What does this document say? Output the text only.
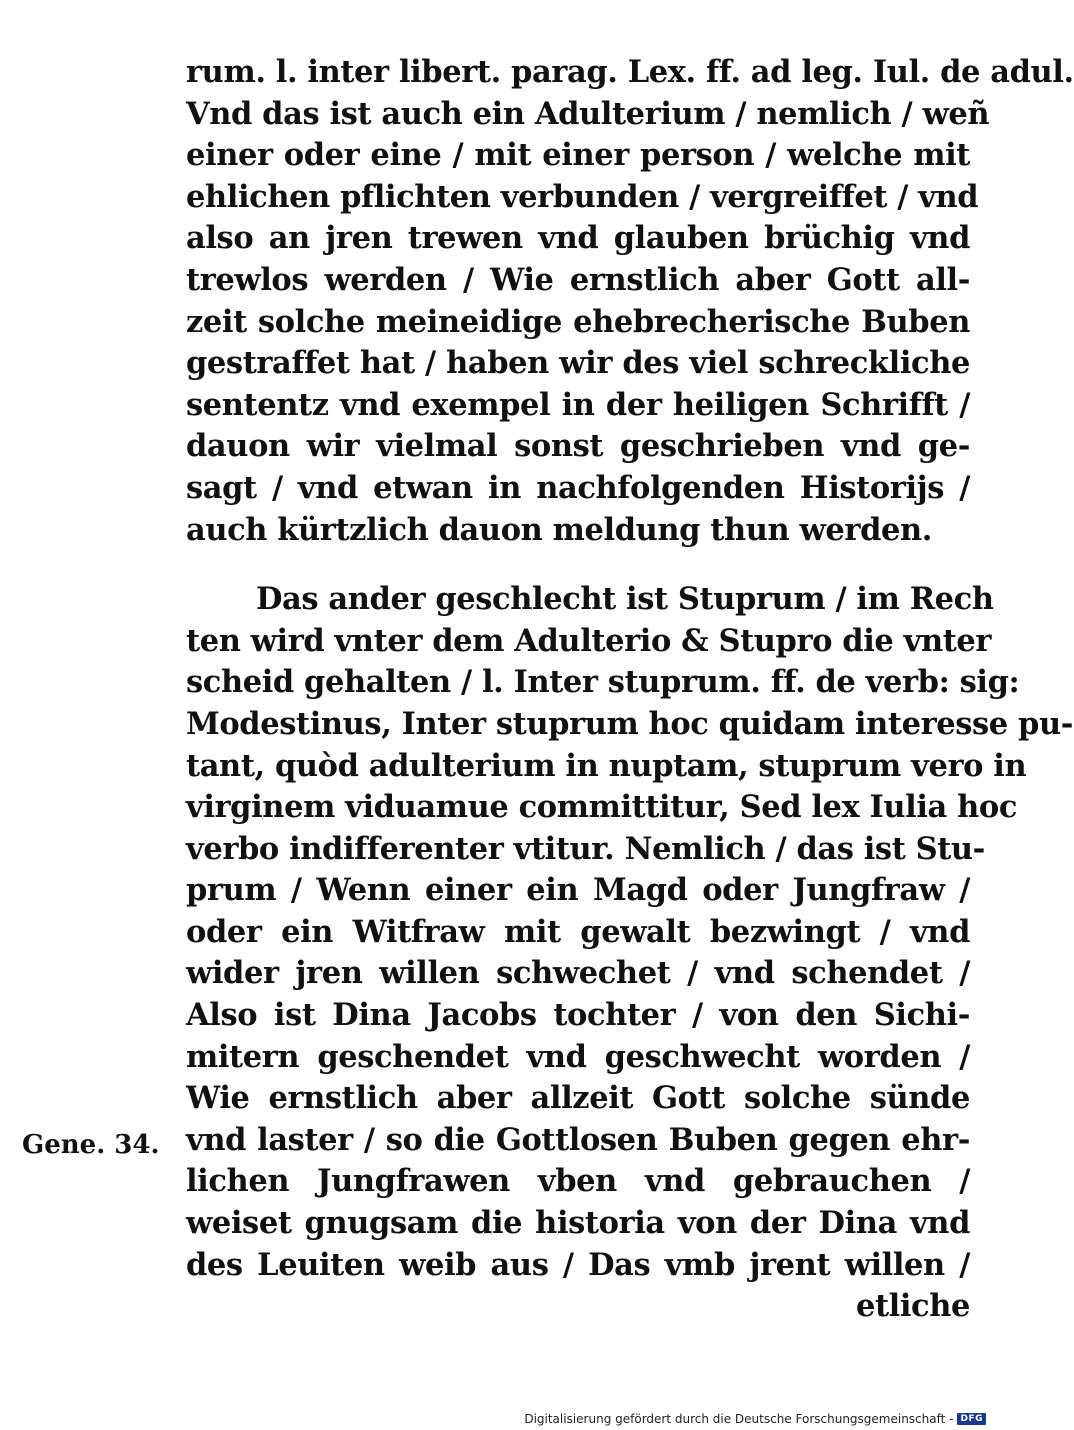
rum. l. inter libert. parag. Lex. ff. ad leg. Iul. de adul.
Vnd das ist auch ein Adulterium / nemlich / weñ
einer oder eine / mit einer person / welche mit
ehlichen pflichten verbunden / vergreiffet / vnd
also an jren trewen vnd glauben brüchig vnd
trewlos werden / Wie ernstlich aber Gott all-
zeit solche meineidige ehebrecherische Buben
gestraffet hat / haben wir des viel schreckliche
sententz vnd exempel in der heiligen Schrifft /
dauon wir vielmal sonst geschrieben vnd ge-
sagt / vnd etwan in nachfolgenden Historijs /
auch kürtzlich dauon meldung thun werden.
Das ander geschlecht ist Stuprum / im Rech
ten wird vnter dem Adulterio & Stupro die vnter
scheid gehalten / l. Inter stuprum. ff. de verb: sig:
Modestinus, Inter stuprum hoc quidam interesse pu-
tant, quòd adulterium in nuptam, stuprum vero in
virginem viduamue committitur, Sed lex Iulia hoc
verbo indifferenter vtitur. Nemlich / das ist Stu-
prum / Wenn einer ein Magd oder Jungfraw /
oder ein Witfraw mit gewalt bezwingt / vnd
wider jren willen schwechet / vnd schendet /
Also ist Dina Jacobs tochter / von den Sichi-
mitern geschendet vnd geschwecht worden /
Wie ernstlich aber allzeit Gott solche sünde
vnd laster / so die Gottlosen Buben gegen ehr-
lichen Jungfrawen vben vnd gebrauchen /
weiset gnugsam die historia von der Dina vnd
des Leuiten weib aus / Das vmb jrent willen /
etliche
Gene. 34.
Digitalisierung gefördert durch die Deutsche Forschungsgemeinschaft - DFG
